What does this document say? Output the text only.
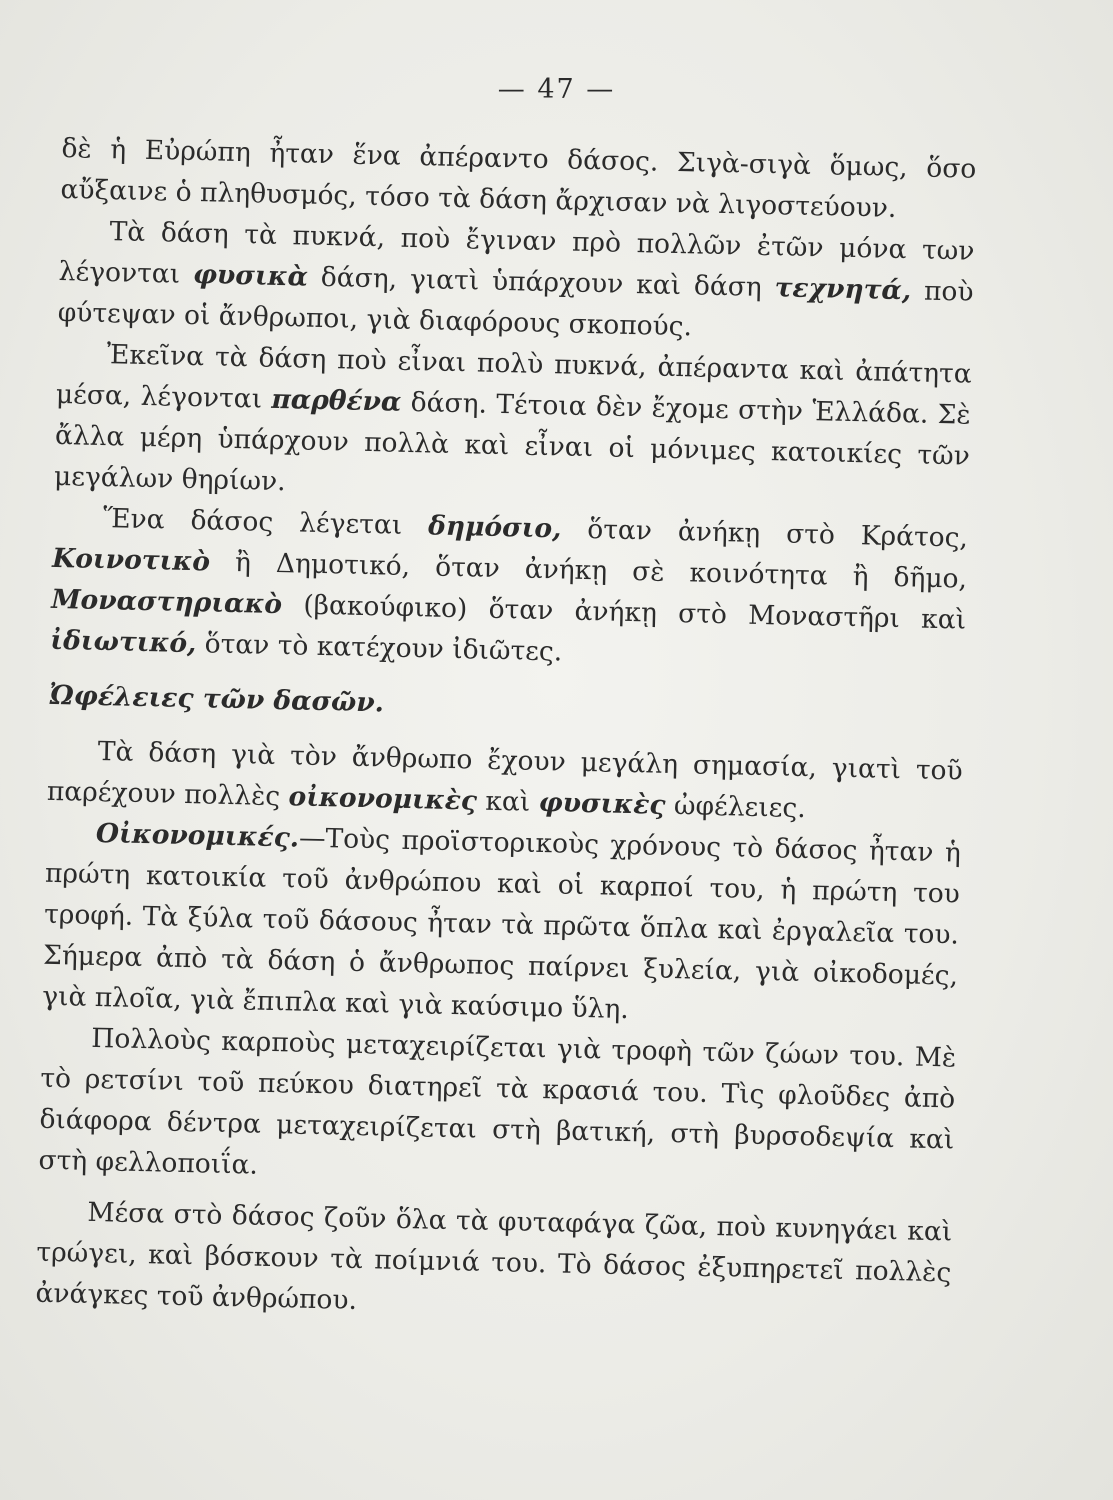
— 47 —

δὲ ἡ Εὐρώπη ἦταν ἕνα ἀπέραντο δάσος. Σιγὰ-σιγὰ ὅμως, ὅσο αὔξαινε ὁ πληθυσμός, τόσο τὰ δάση ἄρχισαν νὰ λιγοστεύουν.

Τὰ δάση τὰ πυκνά, ποὺ ἔγιναν πρὸ πολλῶν ἐτῶν μόνα των λέγονται φυσικὰ δάση, γιατὶ ὑπάρχουν καὶ δάση τεχνητά, ποὺ φύτεψαν οἱ ἄνθρωποι, γιὰ διαφόρους σκοπούς.

Ἐκεῖνα τὰ δάση ποὺ εἶναι πολὺ πυκνά, ἀπέραντα καὶ ἀπάτητα μέσα, λέγονται παρθένα δάση. Τέτοια δὲν ἔχομε στὴν Ἑλλάδα. Σὲ ἄλλα μέρη ὑπάρχουν πολλὰ καὶ εἶναι οἱ μόνιμες κατοικίες τῶν μεγάλων θηρίων.

Ἕνα δάσος λέγεται δημόσιο, ὅταν ἀνήκῃ στὸ Κράτος, Κοινοτικὸ ἢ Δημοτικό, ὅταν ἀνήκῃ σὲ κοινότητα ἢ δῆμο, Μοναστηριακὸ (βακούφικο) ὅταν ἀνήκῃ στὸ Μοναστῆρι καὶ ἰδιωτικό, ὅταν τὸ κατέχουν ἰδιῶτες.

Ὠφέλειες τῶν δασῶν.

Τὰ δάση γιὰ τὸν ἄνθρωπο ἔχουν μεγάλη σημασία, γιατὶ τοῦ παρέχουν πολλὲς οἰκονομικὲς καὶ φυσικὲς ὠφέλειες.

Οἰκονομικές.—Τοὺς προϊστορικοὺς χρόνους τὸ δάσος ἦταν ἡ πρώτη κατοικία τοῦ ἀνθρώπου καὶ οἱ καρποί του, ἡ πρώτη του τροφή. Τὰ ξύλα τοῦ δάσους ἦταν τὰ πρῶτα ὅπλα καὶ ἐργαλεῖα του. Σήμερα ἀπὸ τὰ δάση ὁ ἄνθρωπος παίρνει ξυλεία, γιὰ οἰκοδομές, γιὰ πλοῖα, γιὰ ἔπιπλα καὶ γιὰ καύσιμο ὕλη.

Πολλοὺς καρποὺς μεταχειρίζεται γιὰ τροφὴ τῶν ζώων του. Μὲ τὸ ρετσίνι τοῦ πεύκου διατηρεῖ τὰ κρασιά του. Τὶς φλοῦδες ἀπὸ διάφορα δέντρα μεταχειρίζεται στὴ βατική, στὴ βυρσοδεψία καὶ στὴ φελλοποιΐα.

Μέσα στὸ δάσος ζοῦν ὅλα τὰ φυταφάγα ζῶα, ποὺ κυνηγάει καὶ τρώγει, καὶ βόσκουν τὰ ποίμνιά του. Τὸ δάσος ἐξυπηρετεῖ πολλὲς ἀνάγκες τοῦ ἀνθρώπου.
